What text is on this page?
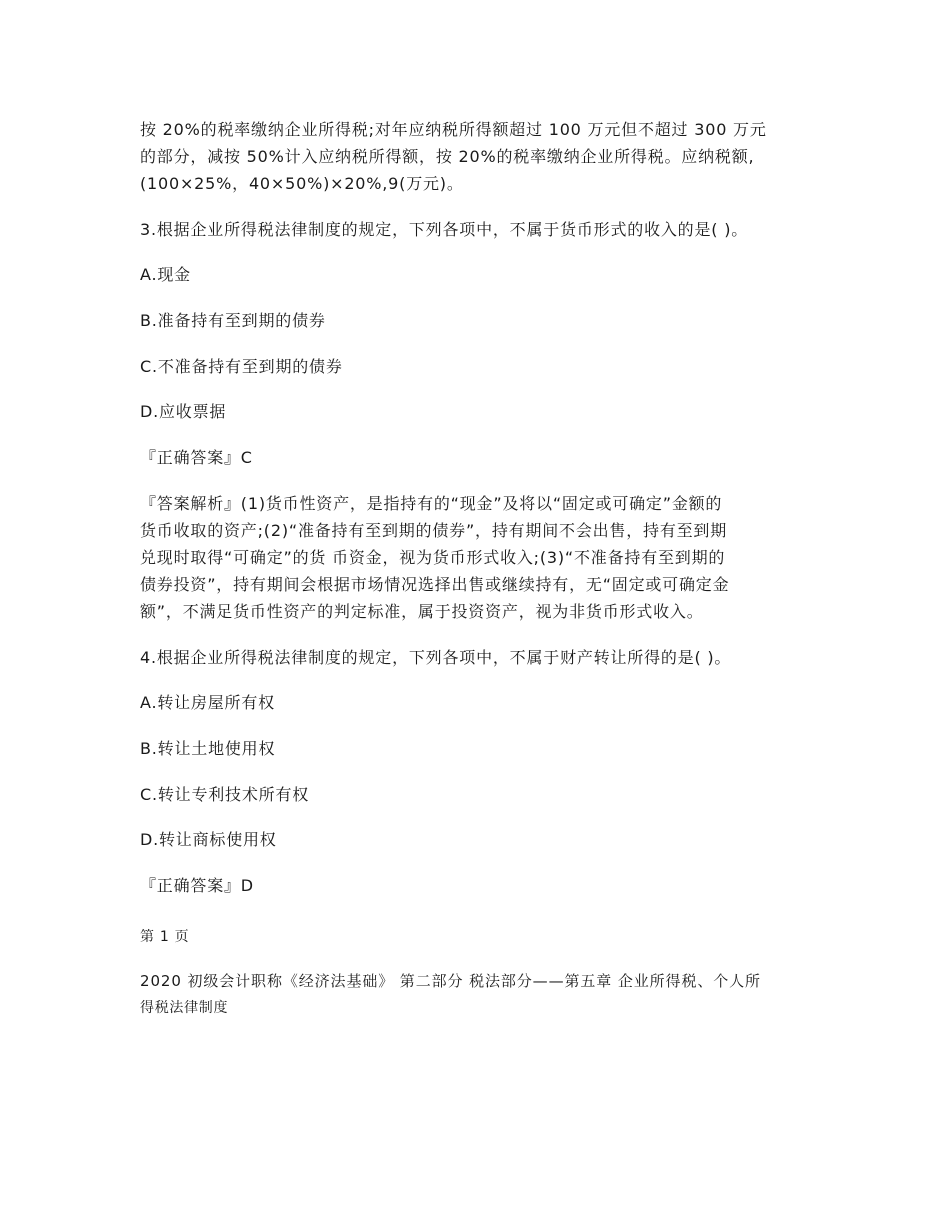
按 20%的税率缴纳企业所得税;对年应纳税所得额超过 100 万元但不超过 300 万元
的部分，减按 50%计入应纳税所得额，按 20%的税率缴纳企业所得税。应纳税额,
(100×25%，40×50%)×20%,9(万元)。
3.根据企业所得税法律制度的规定，下列各项中，不属于货币形式的收入的是( )。
A.现金
B.准备持有至到期的债券
C.不准备持有至到期的债券
D.应收票据
『正确答案』C
『答案解析』(1)货币性资产，是指持有的“现金”及将以“固定或可确定”金额的
货币收取的资产;(2)“准备持有至到期的债券”，持有期间不会出售，持有至到期
兑现时取得“可确定”的货 币资金，视为货币形式收入;(3)“不准备持有至到期的
债券投资”，持有期间会根据市场情况选择出售或继续持有，无“固定或可确定金
额”，不满足货币性资产的判定标准，属于投资资产，视为非货币形式收入。
4.根据企业所得税法律制度的规定，下列各项中，不属于财产转让所得的是( )。
A.转让房屋所有权
B.转让土地使用权
C.转让专利技术所有权
D.转让商标使用权
『正确答案』D
第 1 页
2020 初级会计职称《经济法基础》 第二部分 税法部分——第五章 企业所得税、个人所
得税法律制度
